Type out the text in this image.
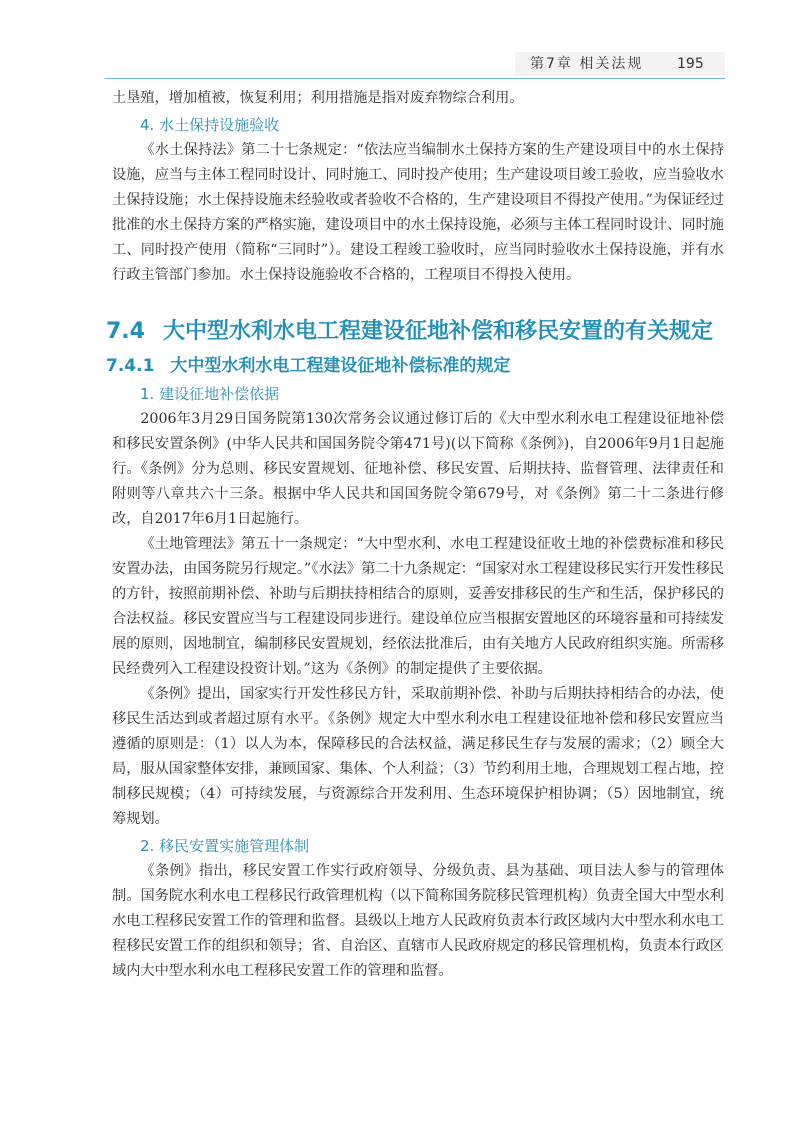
第7章 相关法规 195

土垦殖，增加植被，恢复利用；利用措施是指对废弃物综合利用。

4. 水土保持设施验收

《水土保持法》第二十七条规定：“依法应当编制水土保持方案的生产建设项目中的水土保持设施，应当与主体工程同时设计、同时施工、同时投产使用；生产建设项目竣工验收，应当验收水土保持设施；水土保持设施未经验收或者验收不合格的，生产建设项目不得投产使用。”为保证经过批准的水土保持方案的严格实施，建设项目中的水土保持设施，必须与主体工程同时设计、同时施工、同时投产使用（简称“三同时”）。建设工程竣工验收时，应当同时验收水土保持设施，并有水行政主管部门参加。水土保持设施验收不合格的，工程项目不得投入使用。

7.4 大中型水利水电工程建设征地补偿和移民安置的有关规定
7.4.1 大中型水利水电工程建设征地补偿标准的规定
1. 建设征地补偿依据

2006年3月29日国务院第130次常务会议通过修订后的《大中型水利水电工程建设征地补偿和移民安置条例》(中华人民共和国国务院令第471号)(以下简称《条例》)，自2006年9月1日起施行。《条例》分为总则、移民安置规划、征地补偿、移民安置、后期扶持、监督管理、法律责任和附则等八章共六十三条。根据中华人民共和国国务院令第679号，对《条例》第二十二条进行修改，自2017年6月1日起施行。

《土地管理法》第五十一条规定：“大中型水利、水电工程建设征收土地的补偿费标准和移民安置办法，由国务院另行规定。”《水法》第二十九条规定：“国家对水工程建设移民实行开发性移民的方针，按照前期补偿、补助与后期扶持相结合的原则，妥善安排移民的生产和生活，保护移民的合法权益。移民安置应当与工程建设同步进行。建设单位应当根据安置地区的环境容量和可持续发展的原则，因地制宜，编制移民安置规划，经依法批准后，由有关地方人民政府组织实施。所需移民经费列入工程建设投资计划。”这为《条例》的制定提供了主要依据。

《条例》提出，国家实行开发性移民方针，采取前期补偿、补助与后期扶持相结合的办法，使移民生活达到或者超过原有水平。《条例》规定大中型水利水电工程建设征地补偿和移民安置应当遵循的原则是：（1）以人为本，保障移民的合法权益，满足移民生存与发展的需求；（2）顾全大局，服从国家整体安排，兼顾国家、集体、个人利益；（3）节约利用土地，合理规划工程占地，控制移民规模；（4）可持续发展，与资源综合开发利用、生态环境保护相协调；（5）因地制宜，统筹规划。

2. 移民安置实施管理体制

《条例》指出，移民安置工作实行政府领导、分级负责、县为基础、项目法人参与的管理体制。国务院水利水电工程移民行政管理机构（以下简称国务院移民管理机构）负责全国大中型水利水电工程移民安置工作的管理和监督。县级以上地方人民政府负责本行政区域内大中型水利水电工程移民安置工作的组织和领导；省、自治区、直辖市人民政府规定的移民管理机构，负责本行政区域内大中型水利水电工程移民安置工作的管理和监督。
